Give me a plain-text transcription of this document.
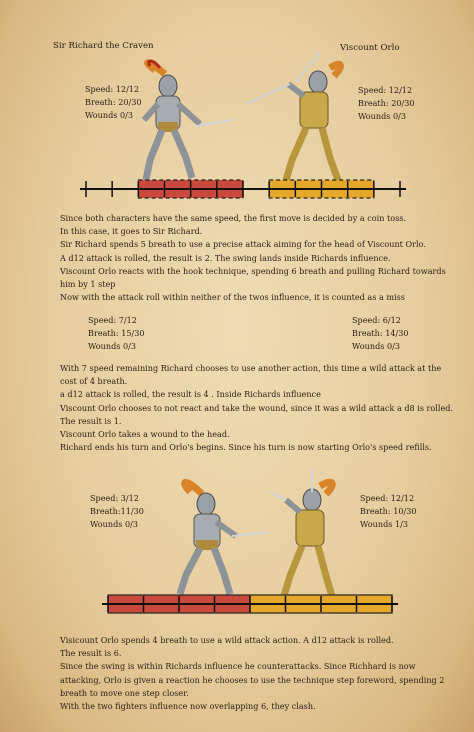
Sir Richard the Craven	Viscount Orlo
Speed: 12/12
Breath: 20/30
Wounds 0/3
Speed: 12/12
Breath: 20/30
Wounds 0/3
Since both characters have the same speed, the first move is decided by a coin toss.
In this case, it goes to Sir Richard.
Sir Richard spends 5 breath to use a precise attack aiming for the head of Viscount Orlo.
A d12 attack is rolled, the result is 2. The swing lands inside Richards influence.
Viscount Orlo reacts with the hook technique, spending 6 breath and pulling Richard towards
him by 1 step
Now with the attack roll within neither of the twos influence, it is counted as a miss
Speed: 7/12
Breath: 15/30
Wounds 0/3
Speed: 6/12
Breath: 14/30
Wounds 0/3
With 7 speed remaining Richard chooses to use another action, this time a wild attack at the
cost of 4 breath.
a d12 attack is rolled, the result is 4 . Inside Richards influence
Viscount Orlo chooses to not react and take the wound, since it was a wild attack a d8 is rolled.
The result is 1.
Viscount Orlo takes a wound to the head.
Richard ends his turn and Orlo's begins. Since his turn is now starting Orlo's speed refills.
Speed: 3/12
Breath:11/30
Wounds 0/3
Speed: 12/12
Breath: 10/30
Wounds 1/3
Visicount Orlo spends 4 breath to use a wild attack action. A d12 attack is rolled.
The result is 6.
Since the swing is within Richards influence he counterattacks. Since Richhard is now
attacking, Orlo is given a reaction he chooses to use the technique step foreword, spending 2
breath to move one step closer.
With the two fighters influence now overlapping 6, they clash.
